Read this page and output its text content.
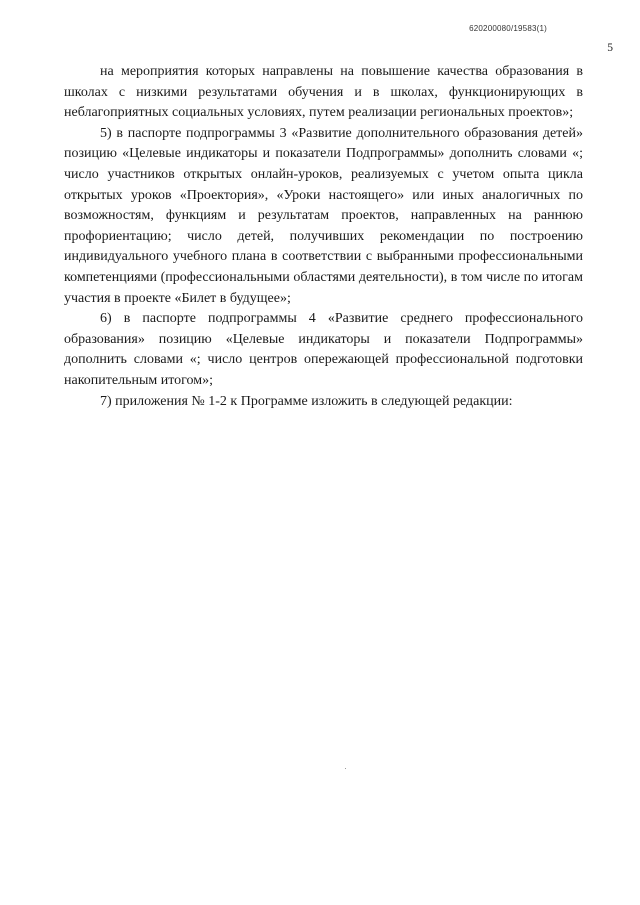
620200080/19583(1)
5

на мероприятия которых направлены на повышение качества образования в школах с низкими результатами обучения и в школах, функционирующих в неблагоприятных социальных условиях, путем реализации региональных проектов»;

5) в паспорте подпрограммы 3 «Развитие дополнительного образования детей» позицию «Целевые индикаторы и показатели Подпрограммы» дополнить словами «; число участников открытых онлайн-уроков, реализуемых с учетом опыта цикла открытых уроков «Проектория», «Уроки настоящего» или иных аналогичных по возможностям, функциям и результатам проектов, направленных на раннюю профориентацию; число детей, получивших рекомендации по построению индивидуального учебного плана в соответствии с выбранными профессиональными компетенциями (профессиональными областями деятельности), в том числе по итогам участия в проекте «Билет в будущее»;

6) в паспорте подпрограммы 4 «Развитие среднего профессионального образования» позицию «Целевые индикаторы и показатели Подпрограммы» дополнить словами «; число центров опережающей профессиональной подготовки накопительным итогом»;

7) приложения № 1-2 к Программе изложить в следующей редакции:
